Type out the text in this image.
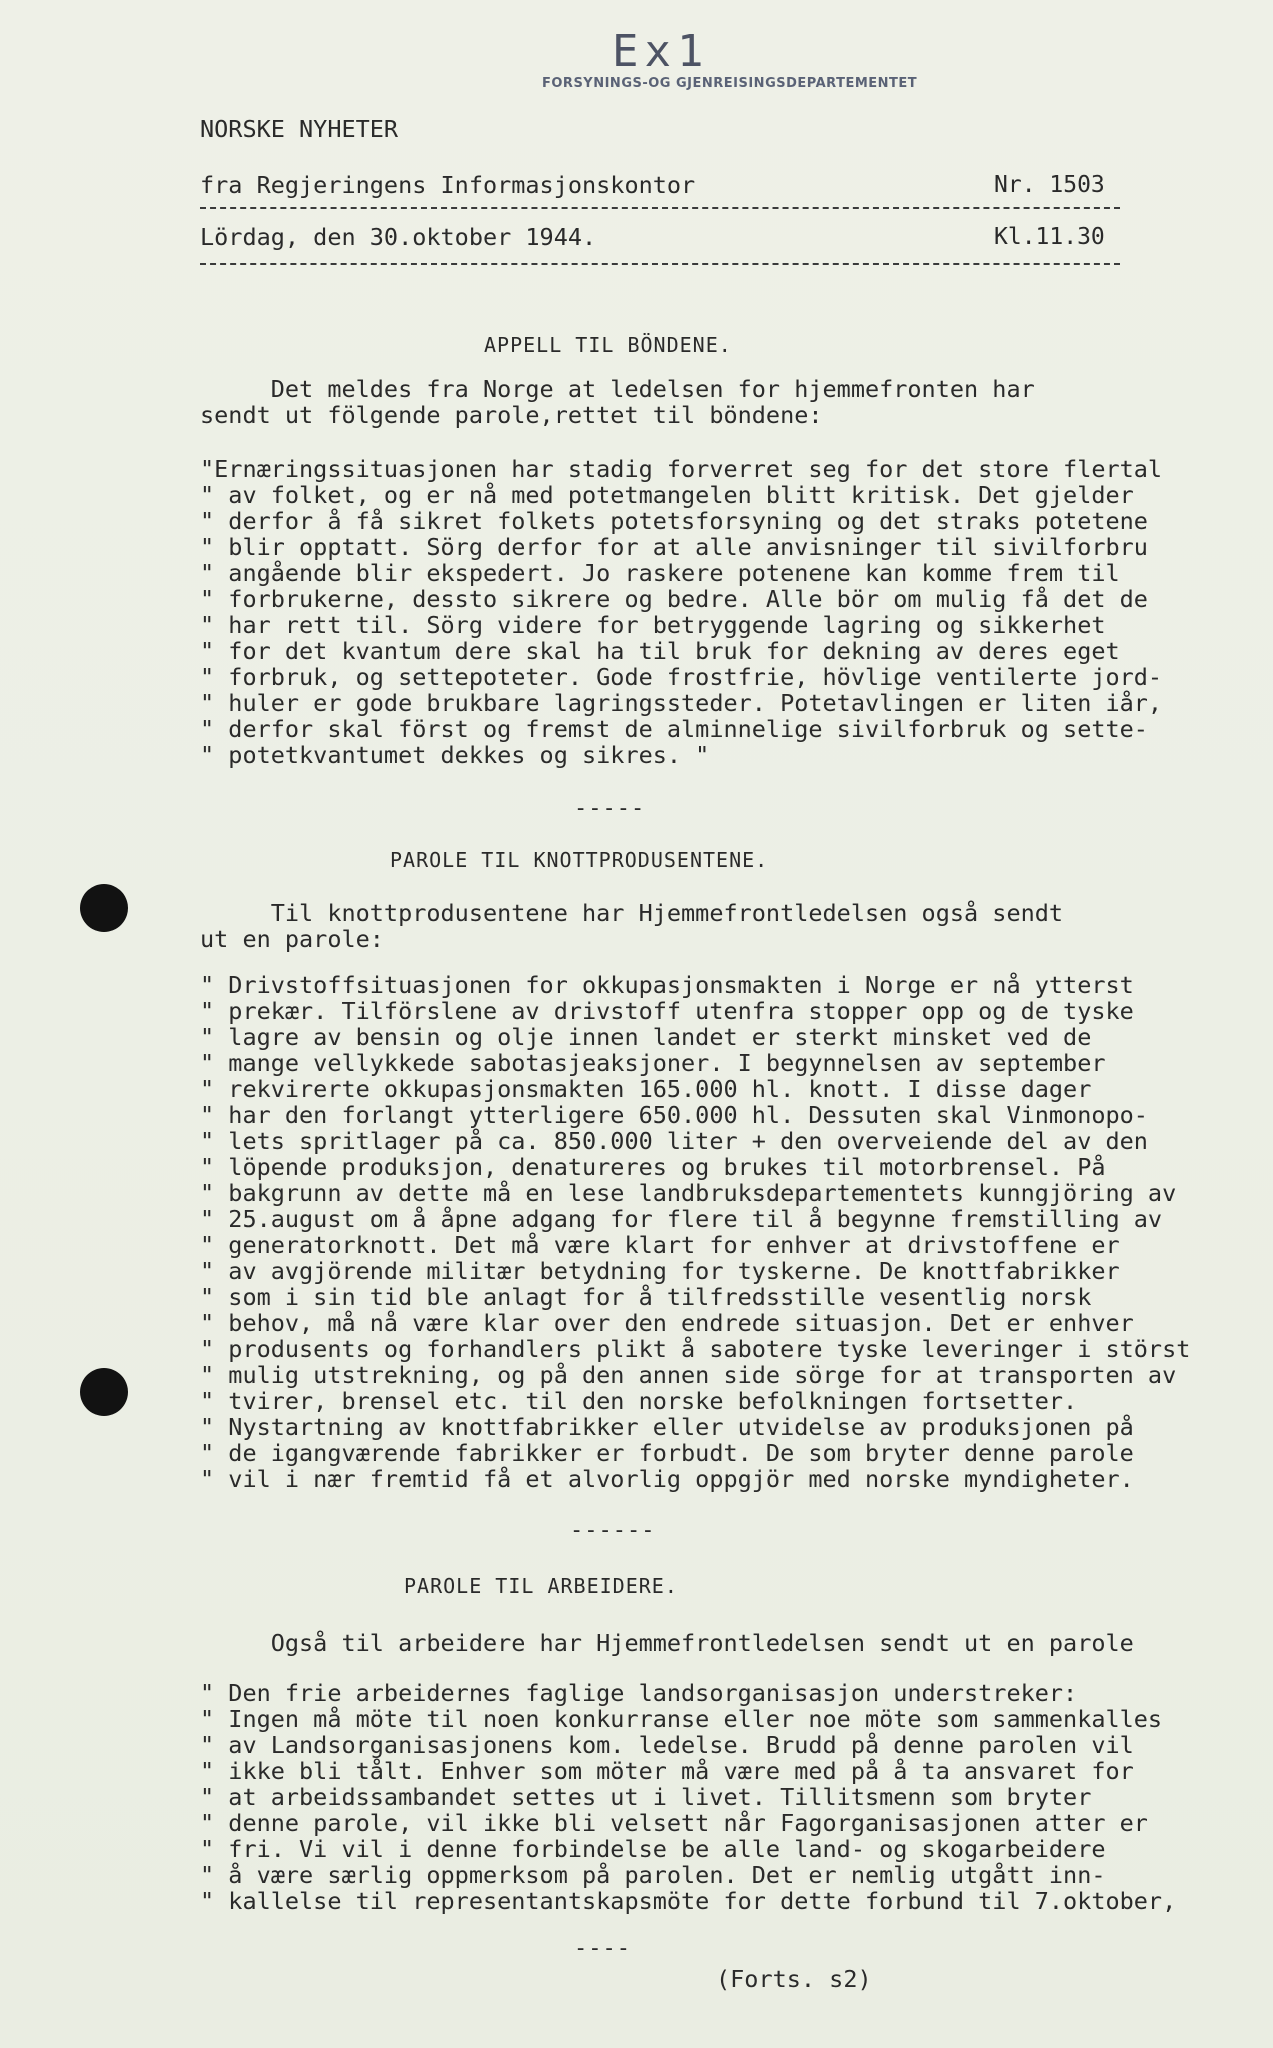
Ex1
FORSYNINGS-OG GJENREISINGSDEPARTEMENTET
NORSKE NYHETER
fra Regjeringens Informasjonskontor	Nr. 1503
Lördag, den 30.oktober 1944.	Kl.11.30
APPELL TIL BÖNDENE.
Det meldes fra Norge at ledelsen for hjemmefronten har
sendt ut fölgende parole,rettet til böndene:
"Ernæringssituasjonen har stadig forverret seg for det store flertal
" av folket, og er nå med potetmangelen blitt kritisk. Det gjelder
" derfor å få sikret folkets potetsforsyning og det straks potetene
" blir opptatt. Sörg derfor for at alle anvisninger til sivilforbru
" angående blir ekspedert. Jo raskere potenene kan komme frem til
" forbrukerne, dessto sikrere og bedre. Alle bör om mulig få det de
" har rett til. Sörg videre for betryggende lagring og sikkerhet
" for det kvantum dere skal ha til bruk for dekning av deres eget
" forbruk, og settepoteter. Gode frostfrie, hövlige ventilerte jord-
" huler er gode brukbare lagringssteder. Potetavlingen er liten iår,
" derfor skal först og fremst de alminnelige sivilforbruk og sette-
" potetkvantumet dekkes og sikres. "
-----
PAROLE TIL KNOTTPRODUSENTENE.
Til knottprodusentene har Hjemmefrontledelsen også sendt
ut en parole:
" Drivstoffsituasjonen for okkupasjonsmakten i Norge er nå ytterst
" prekær. Tilförslene av drivstoff utenfra stopper opp og de tyske
" lagre av bensin og olje innen landet er sterkt minsket ved de
" mange vellykkede sabotasjeaksjoner. I begynnelsen av september
" rekvirerte okkupasjonsmakten 165.000 hl. knott. I disse dager
" har den forlangt ytterligere 650.000 hl. Dessuten skal Vinmonopo-
" lets spritlager på ca. 850.000 liter + den overveiende del av den
" löpende produksjon, denatureres og brukes til motorbrensel. På
" bakgrunn av dette må en lese landbruksdepartementets kunngjöring av
" 25.august om å åpne adgang for flere til å begynne fremstilling av
" generatorknott. Det må være klart for enhver at drivstoffene er
" av avgjörende militær betydning for tyskerne. De knottfabrikker
" som i sin tid ble anlagt for å tilfredsstille vesentlig norsk
" behov, må nå være klar over den endrede situasjon. Det er enhver
" produsents og forhandlers plikt å sabotere tyske leveringer i störst
" mulig utstrekning, og på den annen side sörge for at transporten av
" tvirer, brensel etc. til den norske befolkningen fortsetter.
" Nystartning av knottfabrikker eller utvidelse av produksjonen på
" de igangværende fabrikker er forbudt. De som bryter denne parole
" vil i nær fremtid få et alvorlig oppgjör med norske myndigheter.
------
PAROLE TIL ARBEIDERE.
Også til arbeidere har Hjemmefrontledelsen sendt ut en parole
" Den frie arbeidernes faglige landsorganisasjon understreker:
" Ingen må möte til noen konkurranse eller noe möte som sammenkalles
" av Landsorganisasjonens kom. ledelse. Brudd på denne parolen vil
" ikke bli tålt. Enhver som möter må være med på å ta ansvaret for
" at arbeidssambandet settes ut i livet. Tillitsmenn som bryter
" denne parole, vil ikke bli velsett når Fagorganisasjonen atter er
" fri. Vi vil i denne forbindelse be alle land- og skogarbeidere
" å være særlig oppmerksom på parolen. Det er nemlig utgått inn-
" kallelse til representantskapsmöte for dette forbund til 7.oktober,
----
(Forts. s2)
